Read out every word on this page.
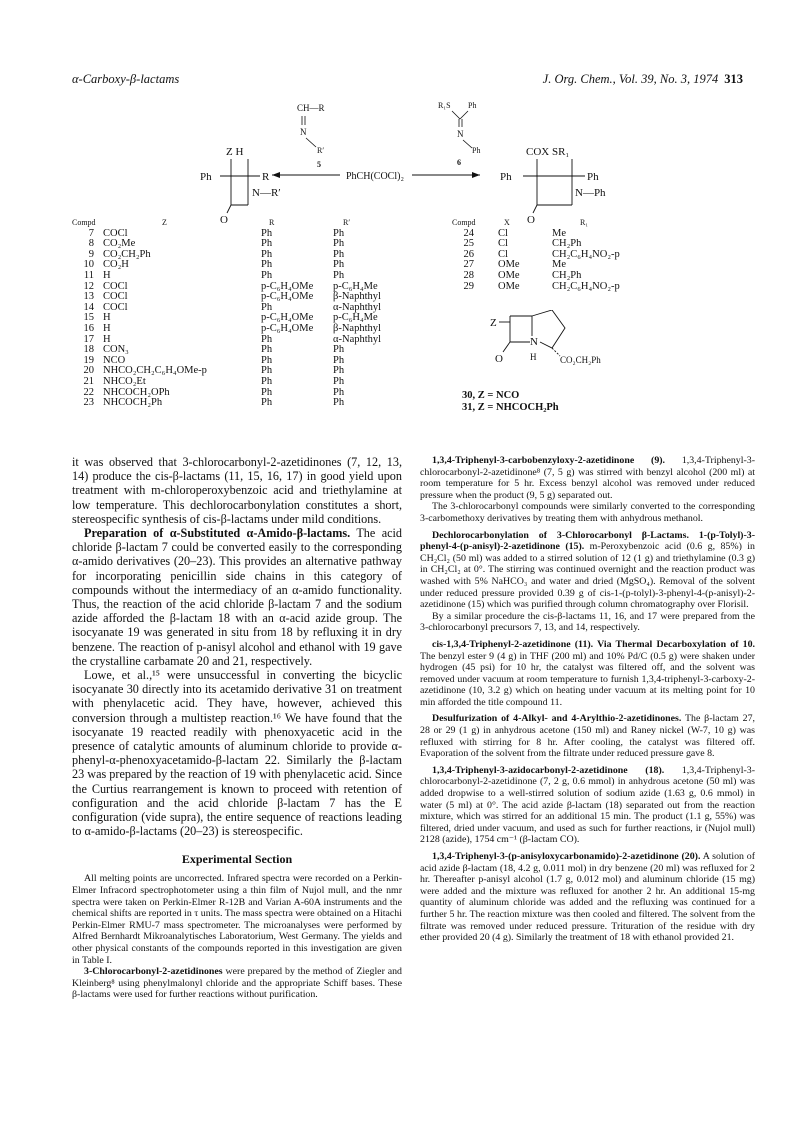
α-Carboxy-β-lactams	J. Org. Chem., Vol. 39, No. 3, 1974 313
CH—R
N
R′
5
Z H
Ph	R
N—R′
O
PhCH(COCl)₂
R₁S Ph
N
Ph
6
COX SR₁
Ph	Ph
N—Ph
O
Compd	Z	R	R′
7 COCl	Ph	Ph
8 CO₂Me	Ph	Ph
9 CO₂CH₂Ph	Ph	Ph
10 CO₂H	Ph	Ph
11 H	Ph	Ph
12 COCl	p-C₆H₄OMe p-C₆H₄Me
13 COCl	p-C₆H₄OMe β-Naphthyl
14 COCl	Ph	α-Naphthyl
15 H	p-C₆H₄OMe p-C₆H₄Me
16 H	p-C₆H₄OMe β-Naphthyl
17 H	Ph	α-Naphthyl
18 CON₃	Ph	Ph
19 NCO	Ph	Ph
20 NHCO₂CH₂C₆H₄OMe-p	Ph	Ph
21 NHCO₂Et	Ph	Ph
22 NHCOCH₂OPh	Ph	Ph
23 NHCOCH₂Ph	Ph	Ph
Compd	X	R₁
24 Cl	Me
25 Cl	CH₂Ph
26 Cl	CH₂C₆H₄NO₂-p
27 OMe	Me
28 OMe	CH₂Ph
29 OMe	CH₂C₆H₄NO₂-p
Z
N
O	H	CO₂CH₂Ph
30, Z = NCO
31, Z = NHCOCH₂Ph

it was observed that 3-chlorocarbonyl-2-azetidinones (7, 12, 13, 14) produce the cis-β-lactams (11, 15, 16, 17) in good yield upon treatment with m-chloroperoxybenzoic acid and triethylamine at low temperature. This dechlorocarbonylation constitutes a short, stereospecific synthesis of cis-β-lactams under mild conditions.

Preparation of α-Substituted α-Amido-β-lactams. The acid chloride β-lactam 7 could be converted easily to the corresponding α-amido derivatives (20–23). This provides an alternative pathway for incorporating penicillin side chains in this category of compounds without the intermediacy of an α-amido functionality. Thus, the reaction of the acid chloride β-lactam 7 and the sodium azide afforded the β-lactam 18 with an α-acid azide group. The isocyanate 19 was generated in situ from 18 by refluxing it in dry benzene. The reaction of p-anisyl alcohol and ethanol with 19 gave the crystalline carbamate 20 and 21, respectively.

Lowe, et al.,¹⁵ were unsuccessful in converting the bicyclic isocyanate 30 directly into its acetamido derivative 31 on treatment with phenylacetic acid. They have, however, achieved this conversion through a multistep reaction.¹⁶ We have found that the isocyanate 19 reacted readily with phenoxyacetic acid in the presence of catalytic amounts of aluminum chloride to provide α-phenyl-α-phenoxyacetamido-β-lactam 22. Similarly the β-lactam 23 was prepared by the reaction of 19 with phenylacetic acid. Since the Curtius rearrangement is known to proceed with retention of configuration and the acid chloride β-lactam 7 has the E configuration (vide supra), the entire sequence of reactions leading to α-amido-β-lactams (20–23) is stereospecific.

Experimental Section

All melting points are uncorrected. Infrared spectra were recorded on a Perkin-Elmer Infracord spectrophotometer using a thin film of Nujol mull, and the nmr spectra were taken on Perkin-Elmer R-12B and Varian A-60A instruments and the chemical shifts are reported in τ units. The mass spectra were obtained on a Hitachi Perkin-Elmer RMU-7 mass spectrometer. The microanalyses were performed by Alfred Bernhardt Mikroanalytisches Laboratorium, West Germany. The yields and other physical constants of the compounds reported in this investigation are given in Table I.

3-Chlorocarbonyl-2-azetidinones were prepared by the method of Ziegler and Kleinberg⁸ using phenylmalonyl chloride and the appropriate Schiff bases. These β-lactams were used for further reactions without purification.

1,3,4-Triphenyl-3-carbobenzyloxy-2-azetidinone (9). 1,3,4-Triphenyl-3-chlorocarbonyl-2-azetidinone⁸ (7, 5 g) was stirred with benzyl alcohol (200 ml) at room temperature for 5 hr. Excess benzyl alcohol was removed under reduced pressure when the product (9, 5 g) separated out.

The 3-chlorocarbonyl compounds were similarly converted to the corresponding 3-carbomethoxy derivatives by treating them with anhydrous methanol.

Dechlorocarbonylation of 3-Chlorocarbonyl β-Lactams. 1-(p-Tolyl)-3-phenyl-4-(p-anisyl)-2-azetidinone (15). m-Peroxybenzoic acid (0.6 g, 85%) in CH₂Cl₂ (50 ml) was added to a stirred solution of 12 (1 g) and triethylamine (0.3 g) in CH₂Cl₂ at 0°. The stirring was continued overnight and the reaction product was washed with 5% NaHCO₃ and water and dried (MgSO₄). Removal of the solvent under reduced pressure provided 0.39 g of cis-1-(p-tolyl)-3-phenyl-4-(p-anisyl)-2-azetidinone (15) which was purified through column chromatography over Florisil.

By a similar procedure the cis-β-lactams 11, 16, and 17 were prepared from the 3-chlorocarbonyl precursors 7, 13, and 14, respectively.

cis-1,3,4-Triphenyl-2-azetidinone (11). Via Thermal Decarboxylation of 10. The benzyl ester 9 (4 g) in THF (200 ml) and 10% Pd/C (0.5 g) were shaken under hydrogen (45 psi) for 10 hr, the catalyst was filtered off, and the solvent was removed under vacuum at room temperature to furnish 1,3,4-triphenyl-3-carboxy-2-azetidinone (10, 3.2 g) which on heating under vacuum at its melting point for 10 min afforded the title compound 11.

Desulfurization of 4-Alkyl- and 4-Arylthio-2-azetidinones. The β-lactam 27, 28 or 29 (1 g) in anhydrous acetone (150 ml) and Raney nickel (W-7, 10 g) was refluxed with stirring for 8 hr. After cooling, the catalyst was filtered off. Evaporation of the solvent from the filtrate under reduced pressure gave 8.

1,3,4-Triphenyl-3-azidocarbonyl-2-azetidinone (18). 1,3,4-Triphenyl-3-chlorocarbonyl-2-azetidinone (7, 2 g, 0.6 mmol) in anhydrous acetone (50 ml) was added dropwise to a well-stirred solution of sodium azide (1.63 g, 0.6 mmol) in water (5 ml) at 0°. The acid azide β-lactam (18) separated out from the reaction mixture, which was stirred for an additional 15 min. The product (1.1 g, 55%) was filtered, dried under vacuum, and used as such for further reactions, ir (Nujol mull) 2128 (azide), 1754 cm⁻¹ (β-lactam CO).

1,3,4-Triphenyl-3-(p-anisyloxycarbonamido)-2-azetidinone (20). A solution of acid azide β-lactam (18, 4.2 g, 0.011 mol) in dry benzene (20 ml) was refluxed for 2 hr. Thereafter p-anisyl alcohol (1.7 g, 0.012 mol) and aluminum chloride (15 mg) were added and the mixture was refluxed for another 2 hr. An additional 15-mg quantity of aluminum chloride was added and the refluxing was continued for a further 5 hr. The reaction mixture was then cooled and filtered. The solvent from the filtrate was removed under reduced pressure. Trituration of the residue with dry ether provided 20 (4 g). Similarly the treatment of 18 with ethanol provided 21.
